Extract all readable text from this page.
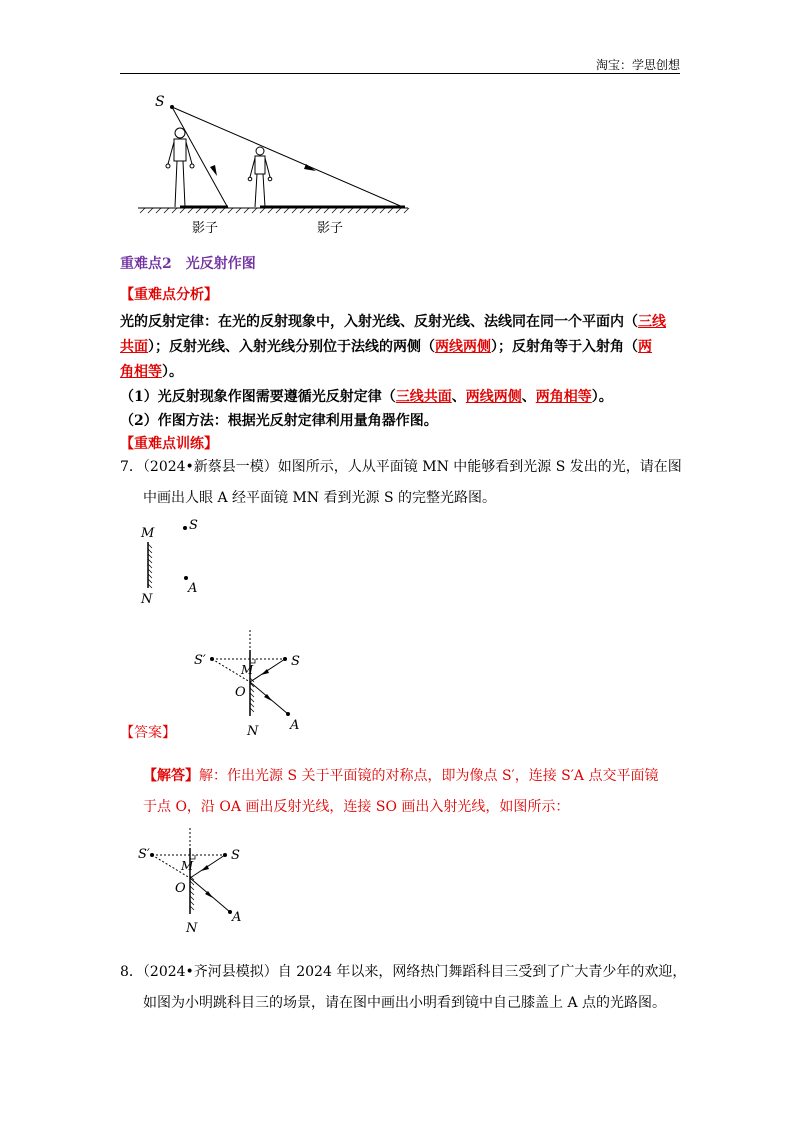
淘宝：学思创想
S
影子	影子
重难点2　光反射作图
【重难点分析】
光的反射定律：在光的反射现象中，入射光线、反射光线、法线同在同一个平面内（三线
共面）；反射光线、入射光线分别位于法线的两侧（两线两侧）；反射角等于入射角（两
角相等）。
（1）光反射现象作图需要遵循光反射定律（三线共面、两线两侧、两角相等）。
（2）作图方法：根据光反射定律利用量角器作图。
【重难点训练】
7．（2024•新蔡县一模）如图所示，人从平面镜 MN 中能够看到光源 S 发出的光，请在图
中画出人眼 A 经平面镜 MN 看到光源 S 的完整光路图。
M
N
S
A
S′	S
M
O
N A
【答案】
【解答】解：作出光源 S 关于平面镜的对称点，即为像点 S′，连接 S′A 点交平面镜
于点 O，沿 OA 画出反射光线，连接 SO 画出入射光线，如图所示：
S′	S
M
O
N
A
8．（2024•齐河县模拟）自 2024 年以来，网络热门舞蹈科目三受到了广大青少年的欢迎，
如图为小明跳科目三的场景，请在图中画出小明看到镜中自己膝盖上 A 点的光路图。
